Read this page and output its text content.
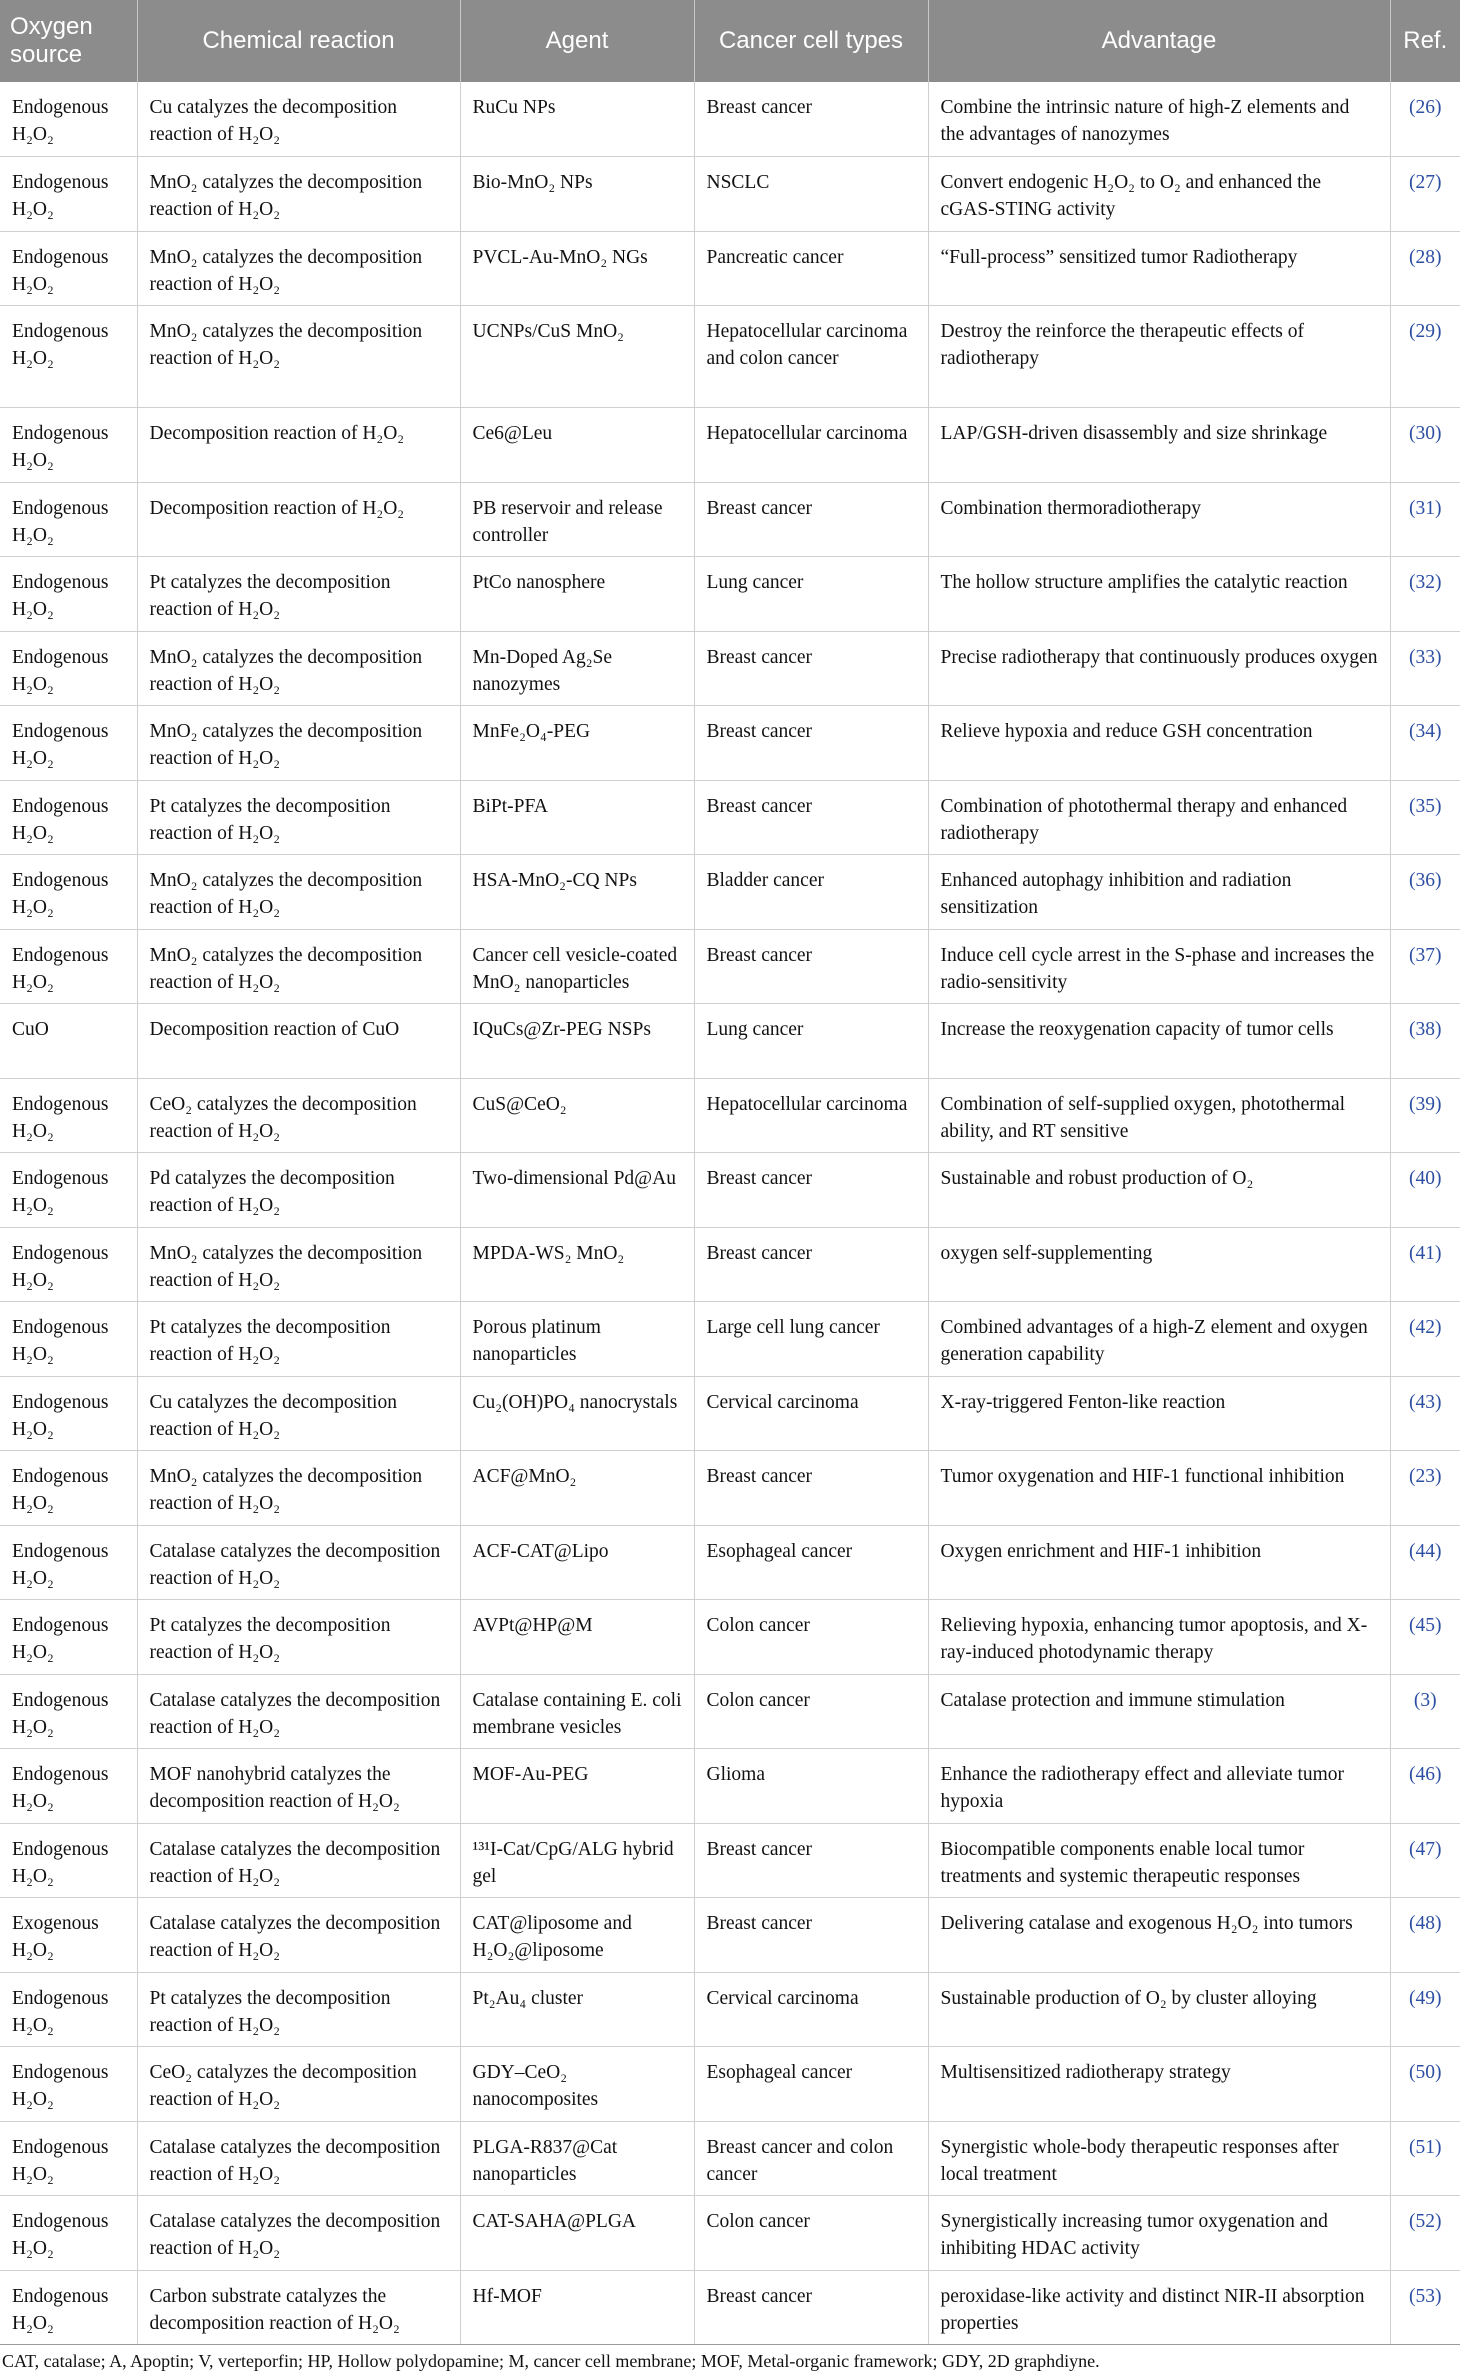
Oxygen source	Chemical reaction	Agent	Cancer cell types	Advantage	Ref.
Endogenous H₂O₂	Cu catalyzes the decomposition reaction of H₂O₂	RuCu NPs	Breast cancer	Combine the intrinsic nature of high-Z elements and the advantages of nanozymes	(26)
Endogenous H₂O₂	MnO₂ catalyzes the decomposition reaction of H₂O₂	Bio-MnO₂ NPs	NSCLC	Convert endogenic H₂O₂ to O₂ and enhanced the cGAS-STING activity	(27)
Endogenous H₂O₂	MnO₂ catalyzes the decomposition reaction of H₂O₂	PVCL-Au-MnO₂ NGs	Pancreatic cancer	“Full-process” sensitized tumor Radiotherapy	(28)
Endogenous H₂O₂	MnO₂ catalyzes the decomposition reaction of H₂O₂	UCNPs/CuS MnO₂	Hepatocellular carcinoma and colon cancer	Destroy the reinforce the therapeutic effects of radiotherapy	(29)
Endogenous H₂O₂	Decomposition reaction of H₂O₂	Ce6@Leu	Hepatocellular carcinoma	LAP/GSH-driven disassembly and size shrinkage	(30)
Endogenous H₂O₂	Decomposition reaction of H₂O₂	PB reservoir and release controller	Breast cancer	Combination thermoradiotherapy	(31)
Endogenous H₂O₂	Pt catalyzes the decomposition reaction of H₂O₂	PtCo nanosphere	Lung cancer	The hollow structure amplifies the catalytic reaction	(32)
Endogenous H₂O₂	MnO₂ catalyzes the decomposition reaction of H₂O₂	Mn-Doped Ag₂Se nanozymes	Breast cancer	Precise radiotherapy that continuously produces oxygen	(33)
Endogenous H₂O₂	MnO₂ catalyzes the decomposition reaction of H₂O₂	MnFe₂O₄-PEG	Breast cancer	Relieve hypoxia and reduce GSH concentration	(34)
Endogenous H₂O₂	Pt catalyzes the decomposition reaction of H₂O₂	BiPt-PFA	Breast cancer	Combination of photothermal therapy and enhanced radiotherapy	(35)
Endogenous H₂O₂	MnO₂ catalyzes the decomposition reaction of H₂O₂	HSA-MnO₂-CQ NPs	Bladder cancer	Enhanced autophagy inhibition and radiation sensitization	(36)
Endogenous H₂O₂	MnO₂ catalyzes the decomposition reaction of H₂O₂	Cancer cell vesicle-coated MnO₂ nanoparticles	Breast cancer	Induce cell cycle arrest in the S-phase and increases the radio-sensitivity	(37)
CuO	Decomposition reaction of CuO	IQuCs@Zr-PEG NSPs	Lung cancer	Increase the reoxygenation capacity of tumor cells	(38)
Endogenous H₂O₂	CeO₂ catalyzes the decomposition reaction of H₂O₂	CuS@CeO₂	Hepatocellular carcinoma	Combination of self-supplied oxygen, photothermal ability, and RT sensitive	(39)
Endogenous H₂O₂	Pd catalyzes the decomposition reaction of H₂O₂	Two-dimensional Pd@Au	Breast cancer	Sustainable and robust production of O₂	(40)
Endogenous H₂O₂	MnO₂ catalyzes the decomposition reaction of H₂O₂	MPDA-WS₂ MnO₂	Breast cancer	oxygen self-supplementing	(41)
Endogenous H₂O₂	Pt catalyzes the decomposition reaction of H₂O₂	Porous platinum nanoparticles	Large cell lung cancer	Combined advantages of a high-Z element and oxygen generation capability	(42)
Endogenous H₂O₂	Cu catalyzes the decomposition reaction of H₂O₂	Cu₂(OH)PO₄ nanocrystals	Cervical carcinoma	X-ray-triggered Fenton-like reaction	(43)
Endogenous H₂O₂	MnO₂ catalyzes the decomposition reaction of H₂O₂	ACF@MnO₂	Breast cancer	Tumor oxygenation and HIF-1 functional inhibition	(23)
Endogenous H₂O₂	Catalase catalyzes the decomposition reaction of H₂O₂	ACF-CAT@Lipo	Esophageal cancer	Oxygen enrichment and HIF-1 inhibition	(44)
Endogenous H₂O₂	Pt catalyzes the decomposition reaction of H₂O₂	AVPt@HP@M	Colon cancer	Relieving hypoxia, enhancing tumor apoptosis, and X-ray-induced photodynamic therapy	(45)
Endogenous H₂O₂	Catalase catalyzes the decomposition reaction of H₂O₂	Catalase containing E. coli membrane vesicles	Colon cancer	Catalase protection and immune stimulation	(3)
Endogenous H₂O₂	MOF nanohybrid catalyzes the decomposition reaction of H₂O₂	MOF-Au-PEG	Glioma	Enhance the radiotherapy effect and alleviate tumor hypoxia	(46)
Endogenous H₂O₂	Catalase catalyzes the decomposition reaction of H₂O₂	¹³¹I-Cat/CpG/ALG hybrid gel	Breast cancer	Biocompatible components enable local tumor treatments and systemic therapeutic responses	(47)
Exogenous H₂O₂	Catalase catalyzes the decomposition reaction of H₂O₂	CAT@liposome and H₂O₂@liposome	Breast cancer	Delivering catalase and exogenous H₂O₂ into tumors	(48)
Endogenous H₂O₂	Pt catalyzes the decomposition reaction of H₂O₂	Pt₂Au₄ cluster	Cervical carcinoma	Sustainable production of O₂ by cluster alloying	(49)
Endogenous H₂O₂	CeO₂ catalyzes the decomposition reaction of H₂O₂	GDY–CeO₂ nanocomposites	Esophageal cancer	Multisensitized radiotherapy strategy	(50)
Endogenous H₂O₂	Catalase catalyzes the decomposition reaction of H₂O₂	PLGA-R837@Cat nanoparticles	Breast cancer and colon cancer	Synergistic whole-body therapeutic responses after local treatment	(51)
Endogenous H₂O₂	Catalase catalyzes the decomposition reaction of H₂O₂	CAT-SAHA@PLGA	Colon cancer	Synergistically increasing tumor oxygenation and inhibiting HDAC activity	(52)
Endogenous H₂O₂	Carbon substrate catalyzes the decomposition reaction of H₂O₂	Hf-MOF	Breast cancer	peroxidase-like activity and distinct NIR-II absorption properties	(53)
CAT, catalase; A, Apoptin; V, verteporfin; HP, Hollow polydopamine; M, cancer cell membrane; MOF, Metal-organic framework; GDY, 2D graphdiyne.
